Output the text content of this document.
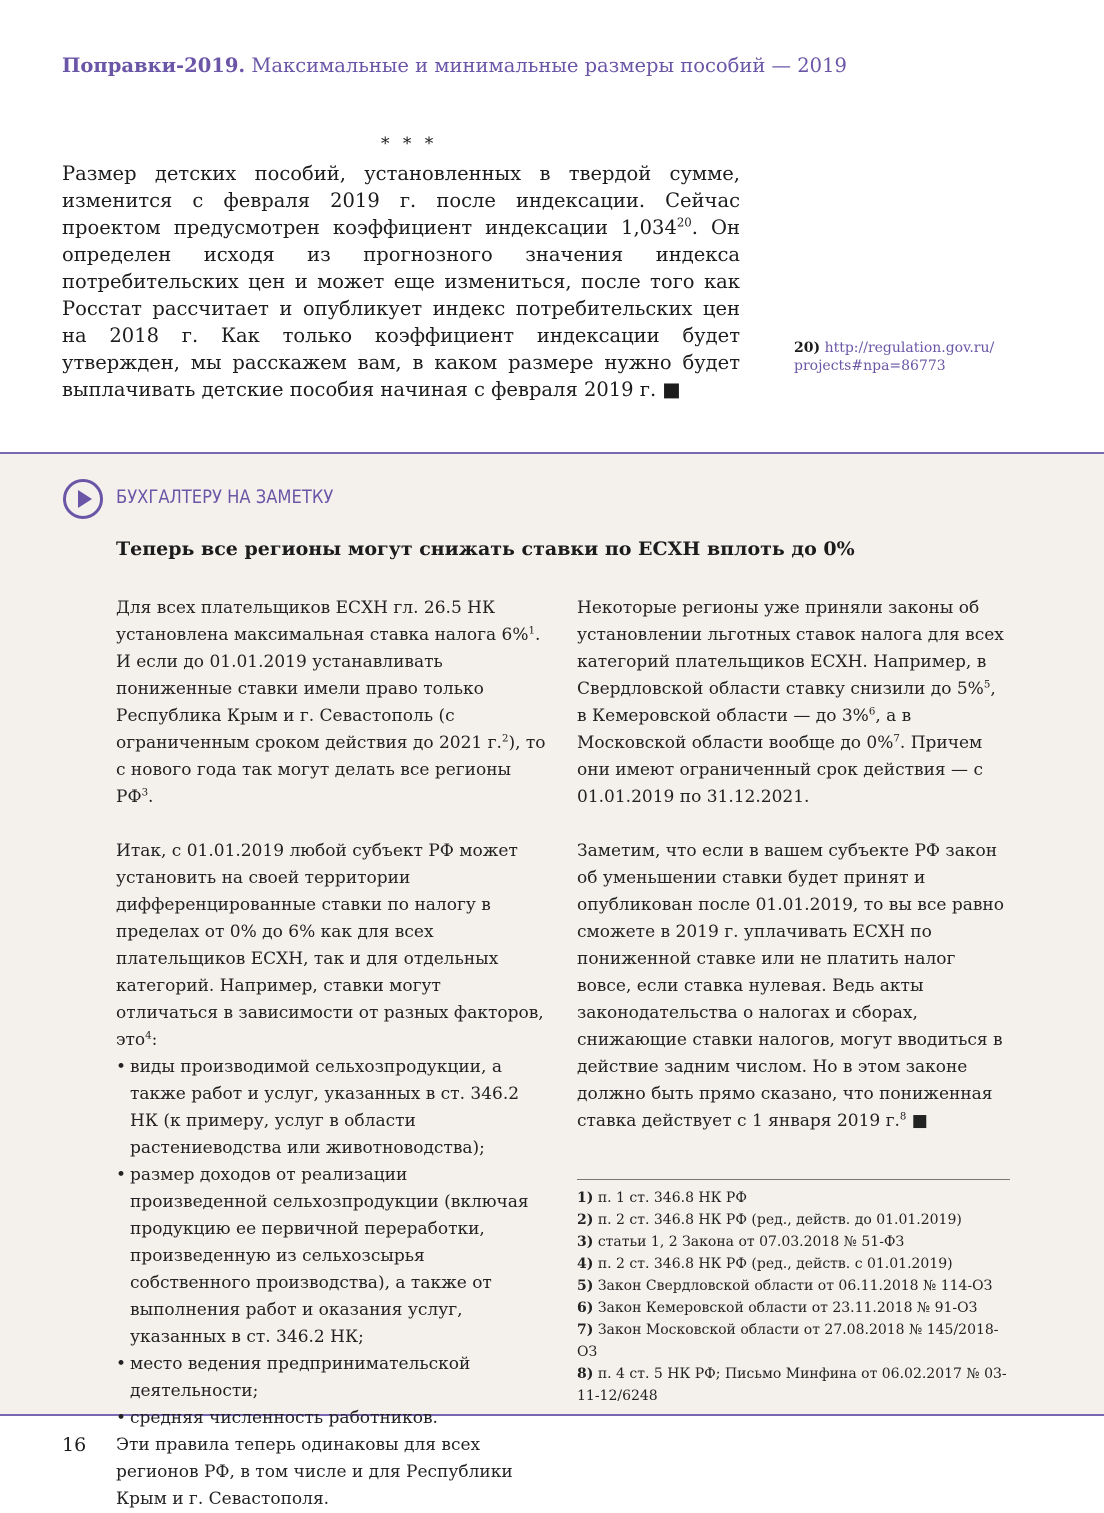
Поправки-2019. Максимальные и минимальные размеры пособий — 2019
* * *

Размер детских пособий, установленных в твердой сумме, изменится с февраля 2019 г. после индексации. Сейчас проектом предусмотрен коэффициент индексации 1,034$^{20}$. Он определен исходя из прогнозного значения индекса потребительских цен и может еще измениться, после того как Росстат рассчитает и опубликует индекс потребительских цен на 2018 г. Как только коэффициент индексации будет утвержден, мы расскажем вам, в каком размере нужно будет выплачивать детские пособия начиная с февраля 2019 г. ■

20) http://regulation.gov.ru/
projects#npa=86773
БУХГАЛТЕРУ НА ЗАМЕТКУ
Теперь все регионы могут снижать ставки по ЕСХН вплоть до 0%

Для всех плательщиков ЕСХН гл. 26.5 НК установлена максимальная ставка налога 6%$^1$. И если до 01.01.2019 устанавливать пониженные ставки имели право только Республика Крым и г. Севастополь (с ограниченным сроком действия до 2021 г.$^2$), то с нового года так могут делать все регионы $РФ^3$.

Итак, с 01.01.2019 любой субъект РФ может установить на своей территории дифференцированные ставки по налогу в пределах от 0% до 6% как для всех плательщиков ЕСХН, так и для отдельных категорий. Например, ставки могут отличаться в зависимости от разных факторов, это$^4$:

• виды производимой сельхозпродукции, а также работ и услуг, указанных в ст. 346.2 НК (к примеру, услуг в области растениеводства или животноводства);
• размер доходов от реализации произведенной сельхозпродукции (включая продукцию ее первичной переработки, произведенную из сельхозсырья собственного производства), а также от выполнения работ и оказания услуг, указанных в ст. 346.2 НК;
• место ведения предпринимательской деятельности;
• средняя численность работников.

Эти правила теперь одинаковы для всех регионов РФ, в том числе и для Республики Крым и г. Севастополя.

Некоторые регионы уже приняли законы об установлении льготных ставок налога для всех категорий плательщиков ЕСХН. Например, в Свердловской области ставку снизили до 5%$^5$, в Кемеровской области — до 3%$^6$, а в Московской области вообще до 0%$^7$. Причем они имеют ограниченный срок действия — с 01.01.2019 по 31.12.2021.

Заметим, что если в вашем субъекте РФ закон об уменьшении ставки будет принят и опубликован после 01.01.2019, то вы все равно сможете в 2019 г. уплачивать ЕСХН по пониженной ставке или не платить налог вовсе, если ставка нулевая. Ведь акты законодательства о налогах и сборах, снижающие ставки налогов, могут вводиться в действие задним числом. Но в этом законе должно быть прямо сказано, что пониженная ставка действует с 1 января 2019 г.$^8$ ■

1) п. 1 ст. 346.8 НК РФ

2) п. 2 ст. 346.8 НК РФ (ред., действ. до 01.01.2019)

3) статьи 1, 2 Закона от 07.03.2018 № 51-ФЗ

4) п. 2 ст. 346.8 НК РФ (ред., действ. с 01.01.2019)

5) Закон Свердловской области от 06.11.2018 № 114-ОЗ

6) Закон Кемеровской области от 23.11.2018 № 91-ОЗ

7) Закон Московской области от 27.08.2018 № 145/2018-ОЗ

8) п. 4 ст. 5 НК РФ; Письмо Минфина от 06.02.2017 № 03-11-12/6248

16
